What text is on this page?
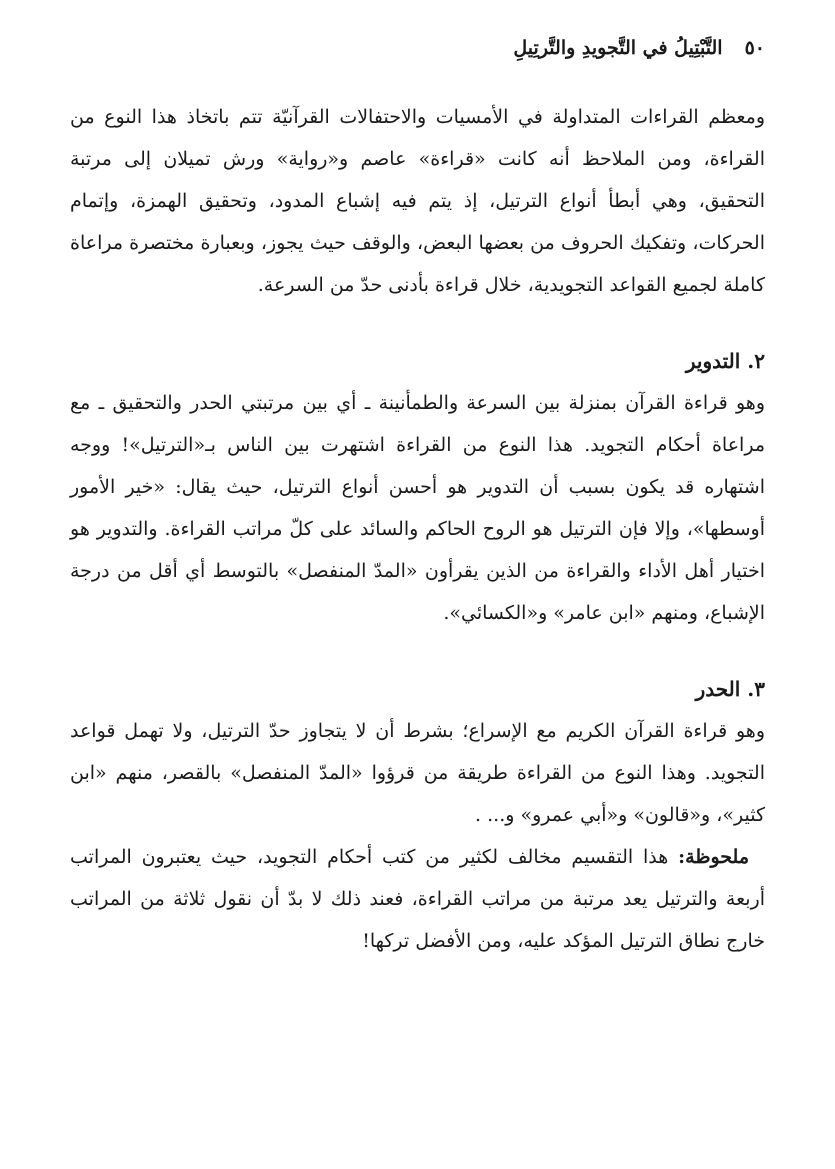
٥٠التَّبْتِيلُ في التَّجويدِ والتَّرتِيلِ

ومعظم القراءات المتداولة في الأمسيات والاحتفالات القرآنيّة تتم باتخاذ هذا النوع من القراءة، ومن الملاحظ أنه كانت «قراءة» عاصم و«رواية» ورش تميلان إلى مرتبة التحقيق، وهي أبطأ أنواع الترتيل، إذ يتم فيه إشباع المدود، وتحقيق الهمزة، وإتمام الحركات، وتفكيك الحروف من بعضها البعض، والوقف حيث يجوز، وبعبارة مختصرة مراعاة كاملة لجميع القواعد التجويدية، خلال قراءة بأدنى حدّ من السرعة.

٢. التدوير

وهو قراءة القرآن بمنزلة بين السرعة والطمأنينة ـ أي بين مرتبتي الحدر والتحقيق ـ مع مراعاة أحكام التجويد. هذا النوع من القراءة اشتهرت بين الناس بـ«الترتيل»! ووجه اشتهاره قد يكون بسبب أن التدوير هو أحسن أنواع الترتيل، حيث يقال: «خير الأمور أوسطها»، وإلا فإن الترتيل هو الروح الحاكم والسائد على كلّ مراتب القراءة. والتدوير هو اختيار أهل الأداء والقراءة من الذين يقرأون «المدّ المنفصل» بالتوسط أي أقل من درجة الإشباع، ومنهم «ابن عامر» و«الكسائي».

٣. الحدر

وهو قراءة القرآن الكريم مع الإسراع؛ بشرط أن لا يتجاوز حدّ الترتيل، ولا تهمل قواعد التجويد. وهذا النوع من القراءة طريقة من قرؤوا «المدّ المنفصل» بالقصر، منهم «ابن كثير»، و«قالون» و«أبي عمرو» و... .

ملحوظة: هذا التقسيم مخالف لكثير من كتب أحكام التجويد، حيث يعتبرون المراتب أربعة والترتيل يعد مرتبة من مراتب القراءة، فعند ذلك لا بدّ أن نقول ثلاثة من المراتب خارج نطاق الترتيل المؤكد عليه، ومن الأفضل تركها!
